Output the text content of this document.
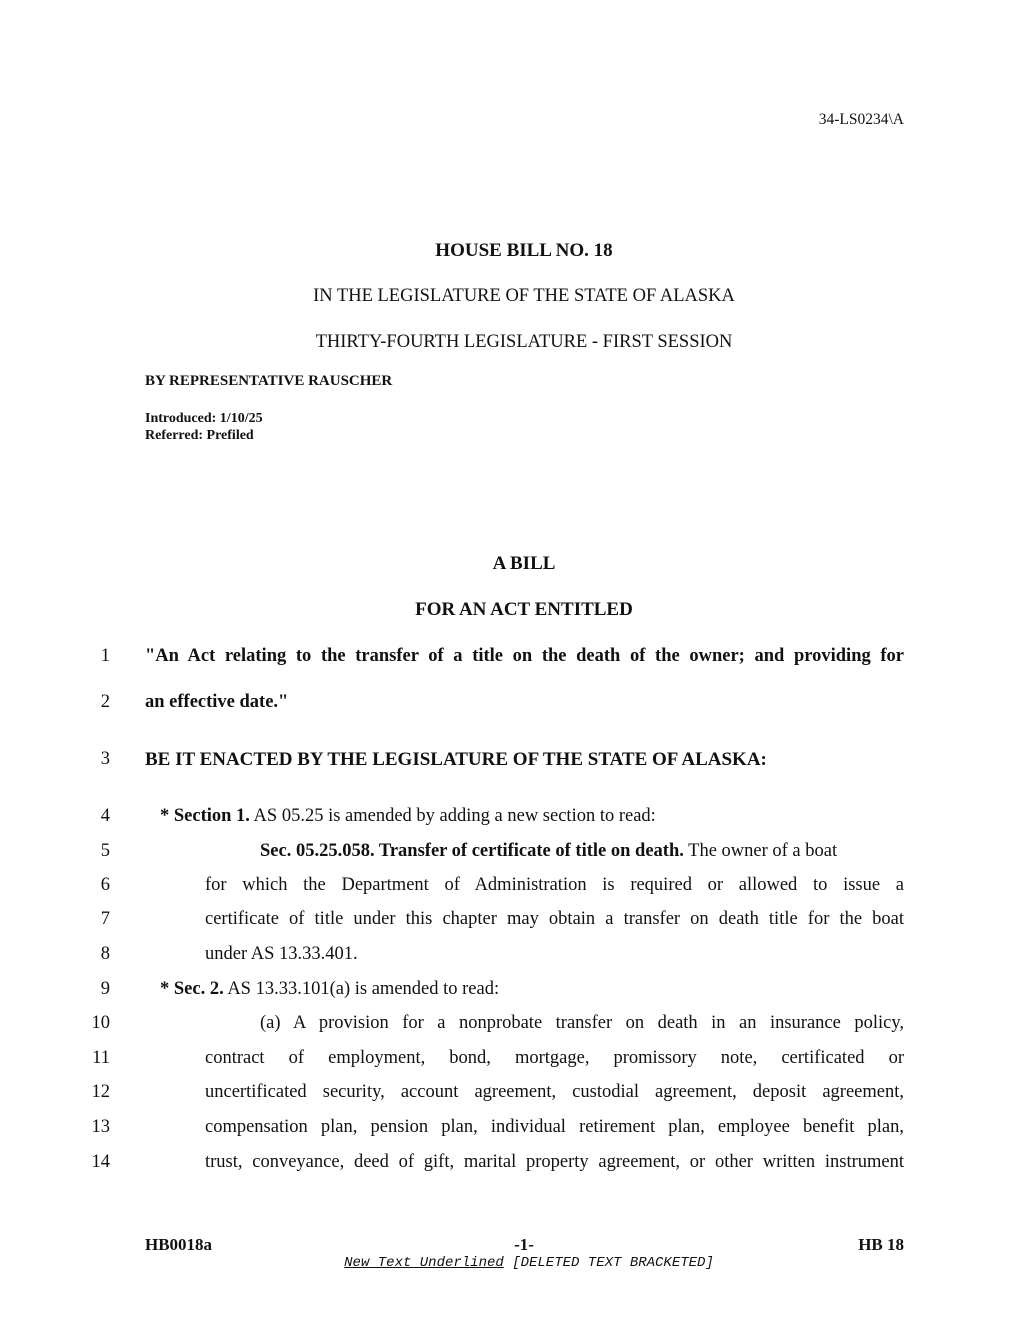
34-LS0234\A
HOUSE BILL NO. 18
IN THE LEGISLATURE OF THE STATE OF ALASKA
THIRTY-FOURTH LEGISLATURE - FIRST SESSION
BY REPRESENTATIVE RAUSCHER
Introduced: 1/10/25
Referred: Prefiled
A BILL
FOR AN ACT ENTITLED
1 "An Act relating to the transfer of a title on the death of the owner; and providing for
2 an effective date."
3 BE IT ENACTED BY THE LEGISLATURE OF THE STATE OF ALASKA:
4	* Section 1. AS 05.25 is amended by adding a new section to read:
5	Sec. 05.25.058. Transfer of certificate of title on death. The owner of a boat
6	for which the Department of Administration is required or allowed to issue a
7	certificate of title under this chapter may obtain a transfer on death title for the boat
8	under AS 13.33.401.
9	* Sec. 2. AS 13.33.101(a) is amended to read:
10	(a) A provision for a nonprobate transfer on death in an insurance policy,
11	contract of employment, bond, mortgage, promissory note, certificated or
12	uncertificated security, account agreement, custodial agreement, deposit agreement,
13	compensation plan, pension plan, individual retirement plan, employee benefit plan,
14	trust, conveyance, deed of gift, marital property agreement, or other written instrument
HB0018a	-1-	HB 18
New Text Underlined [DELETED TEXT BRACKETED]
